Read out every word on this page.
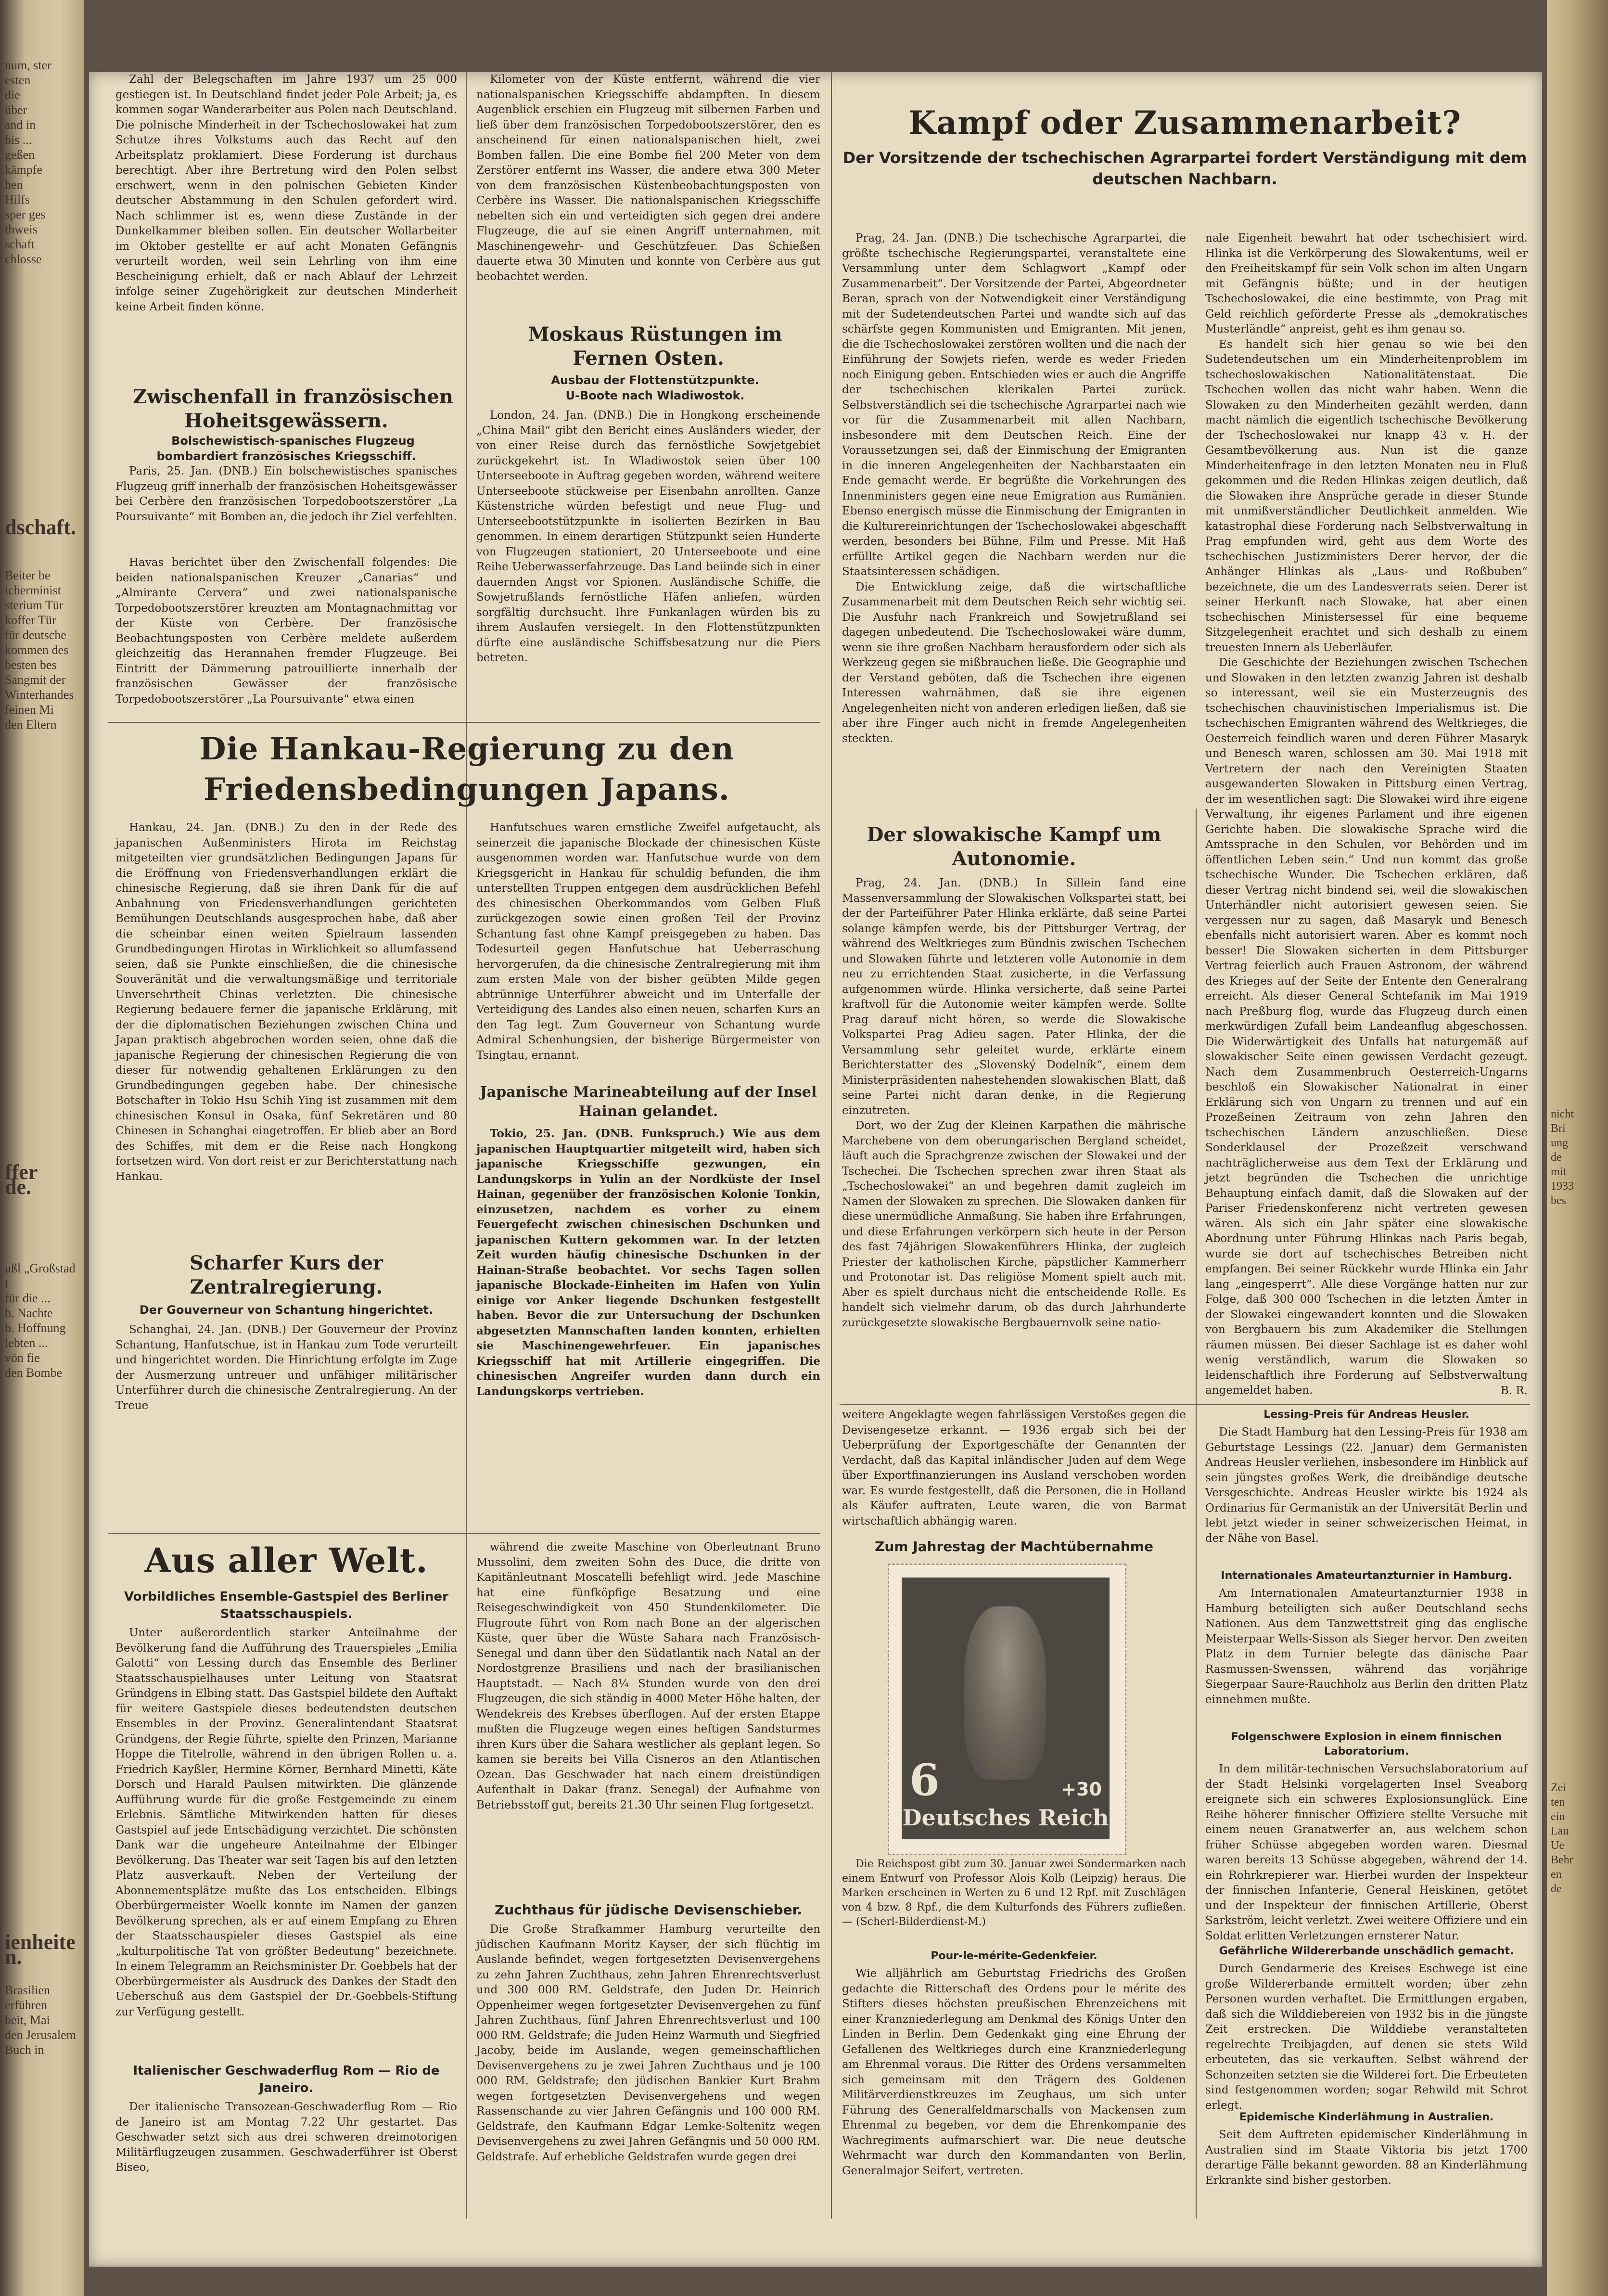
num, ster
esten
die
über
and in
bis ...
geßen
kämpfe
hen
Hilfs
sper ges
thweis
schaft
chlosse
dschaft.
Beiter be
icherminist
sterium Tür
koffer Tür
für deutsche
kommen des
besten bes
Sangmit der
Winterhandes
feinen Mi
den Eltern
ffer
de.
ußl „Großstadt
für die ...
b. Nachte
b. Hoffnung
lebten ...
vön fie
den Bombe
ienheiten.
Brasilien
erführen
beit, Mai
den Jerusalem
Buch in
nicht
Bri
ung
de
mit
1933
bes
Zei
ten
ein
Lau
Ue
Behr
en
de

Zahl der Belegschaften im Jahre 1937 um 25 000 gestiegen ist. In Deutschland findet jeder Pole Arbeit; ja, es kommen sogar Wanderarbeiter aus Polen nach Deutschland. Die polnische Minderheit in der Tschechoslowakei hat zum Schutze ihres Volkstums auch das Recht auf den Arbeitsplatz proklamiert. Diese Forderung ist durchaus berechtigt. Aber ihre Bertretung wird den Polen selbst erschwert, wenn in den polnischen Gebieten Kinder deutscher Abstammung in den Schulen gefordert wird. Nach schlimmer ist es, wenn diese Zustände in der Dunkelkammer bleiben sollen. Ein deutscher Wollarbeiter im Oktober gestellte er auf acht Monaten Gefängnis verurteilt worden, weil sein Lehrling von ihm eine Bescheinigung erhielt, daß er nach Ablauf der Lehrzeit infolge seiner Zugehörigkeit zur deutschen Minderheit keine Arbeit finden könne.

Zwischenfall in französischen Hoheitsgewässern.

Bolschewistisch-spanisches Flugzeug bombardiert französisches Kriegsschiff.

Paris, 25. Jan. (DNB.) Ein bolschewistisches spanisches Flugzeug griff innerhalb der französischen Hoheitsgewässer bei Cerbère den französischen Torpedobootszerstörer „La Poursuivante“ mit Bomben an, die jedoch ihr Ziel verfehlten.

Havas berichtet über den Zwischenfall folgendes: Die beiden nationalspanischen Kreuzer „Canarias“ und „Almirante Cervera“ und zwei nationalspanische Torpedobootszerstörer kreuzten am Montagnachmittag vor der Küste von Cerbère. Der französische Beobachtungsposten von Cerbère meldete außerdem gleichzeitig das Herannahen fremder Flugzeuge. Bei Eintritt der Dämmerung patrouillierte innerhalb der französischen Gewässer der französische Torpedobootszerstörer „La Poursuivante“ etwa einen

Kilometer von der Küste entfernt, während die vier nationalspanischen Kriegsschiffe abdampften. In diesem Augenblick erschien ein Flugzeug mit silbernen Farben und ließ über dem französischen Torpedobootszerstörer, den es anscheinend für einen nationalspanischen hielt, zwei Bomben fallen. Die eine Bombe fiel 200 Meter von dem Zerstörer entfernt ins Wasser, die andere etwa 300 Meter von dem französischen Küstenbeobachtungsposten von Cerbère ins Wasser. Die nationalspanischen Kriegsschiffe nebelten sich ein und verteidigten sich gegen drei andere Flugzeuge, die auf sie einen Angriff unternahmen, mit Maschinengewehr- und Geschützfeuer. Das Schießen dauerte etwa 30 Minuten und konnte von Cerbère aus gut beobachtet werden.

Moskaus Rüstungen im Fernen Osten.

Ausbau der Flottenstützpunkte.

U-Boote nach Wladiwostok.

London, 24. Jan. (DNB.) Die in Hongkong erscheinende „China Mail“ gibt den Bericht eines Ausländers wieder, der von einer Reise durch das fernöstliche Sowjetgebiet zurückgekehrt ist. In Wladiwostok seien über 100 Unterseeboote in Auftrag gegeben worden, während weitere Unterseeboote stückweise per Eisenbahn anrollten. Ganze Küstenstriche würden befestigt und neue Flug- und Unterseebootstützpunkte in isolierten Bezirken in Bau genommen. In einem derartigen Stützpunkt seien Hunderte von Flugzeugen stationiert, 20 Unterseeboote und eine Reihe Ueberwasserfahrzeuge. Das Land beiinde sich in einer dauernden Angst vor Spionen. Ausländische Schiffe, die Sowjetrußlands fernöstliche Häfen anliefen, würden sorgfältig durchsucht. Ihre Funkanlagen würden bis zu ihrem Auslaufen versiegelt. In den Flottenstützpunkten dürfte eine ausländische Schiffsbesatzung nur die Piers betreten.

Die Hankau-Regierung zu den Friedensbedingungen Japans.

Hankau, 24. Jan. (DNB.) Zu den in der Rede des japanischen Außenministers Hirota im Reichstag mitgeteilten vier grundsätzlichen Bedingungen Japans für die Eröffnung von Friedensverhandlungen erklärt die chinesische Regierung, daß sie ihren Dank für die auf Anbahnung von Friedensverhandlungen gerichteten Bemühungen Deutschlands ausgesprochen habe, daß aber die scheinbar einen weiten Spielraum lassenden Grundbedingungen Hirotas in Wirklichkeit so allumfassend seien, daß sie Punkte einschließen, die die chinesische Souveränität und die verwaltungsmäßige und territoriale Unversehrtheit Chinas verletzten. Die chinesische Regierung bedauere ferner die japanische Erklärung, mit der die diplomatischen Beziehungen zwischen China und Japan praktisch abgebrochen worden seien, ohne daß die japanische Regierung der chinesischen Regierung die von dieser für notwendig gehaltenen Erklärungen zu den Grundbedingungen gegeben habe. Der chinesische Botschafter in Tokio Hsu Schih Ying ist zusammen mit dem chinesischen Konsul in Osaka, fünf Sekretären und 80 Chinesen in Schanghai eingetroffen. Er blieb aber an Bord des Schiffes, mit dem er die Reise nach Hongkong fortsetzen wird. Von dort reist er zur Berichterstattung nach Hankau.

Hanfutschues waren ernstliche Zweifel aufgetaucht, als seinerzeit die japanische Blockade der chinesischen Küste ausgenommen worden war. Hanfutschue wurde von dem Kriegsgericht in Hankau für schuldig befunden, die ihm unterstellten Truppen entgegen dem ausdrücklichen Befehl des chinesischen Oberkommandos vom Gelben Fluß zurückgezogen sowie einen großen Teil der Provinz Schantung fast ohne Kampf preisgegeben zu haben. Das Todesurteil gegen Hanfutschue hat Ueberraschung hervorgerufen, da die chinesische Zentralregierung mit ihm zum ersten Male von der bisher geübten Milde gegen abtrünnige Unterführer abweicht und im Unterfalle der Verteidigung des Landes also einen neuen, scharfen Kurs an den Tag legt. Zum Gouverneur von Schantung wurde Admiral Schenhungsien, der bisherige Bürgermeister von Tsingtau, ernannt.

Scharfer Kurs der Zentralregierung.

Der Gouverneur von Schantung hingerichtet.

Schanghai, 24. Jan. (DNB.) Der Gouverneur der Provinz Schantung, Hanfutschue, ist in Hankau zum Tode verurteilt und hingerichtet worden. Die Hinrichtung erfolgte im Zuge der Ausmerzung untreuer und unfähiger militärischer Unterführer durch die chinesische Zentralregierung. An der Treue

Japanische Marineabteilung auf der Insel Hainan gelandet.

Tokio, 25. Jan. (DNB. Funkspruch.) Wie aus dem japanischen Hauptquartier mitgeteilt wird, haben sich japanische Kriegsschiffe gezwungen, ein Landungskorps in Yulin an der Nordküste der Insel Hainan, gegenüber der französischen Kolonie Tonkin, einzusetzen, nachdem es vorher zu einem Feuergefecht zwischen chinesischen Dschunken und japanischen Kuttern gekommen war. In der letzten Zeit wurden häufig chinesische Dschunken in der Hainan-Straße beobachtet. Vor sechs Tagen sollen japanische Blockade-Einheiten im Hafen von Yulin einige vor Anker liegende Dschunken festgestellt haben. Bevor die zur Untersuchung der Dschunken abgesetzten Mannschaften landen konnten, erhielten sie Maschinengewehrfeuer. Ein japanisches Kriegsschiff hat mit Artillerie eingegriffen. Die chinesischen Angreifer wurden dann durch ein Landungskorps vertrieben.

Aus aller Welt.

Vorbildliches Ensemble-Gastspiel des Berliner Staatsschauspiels.

Unter außerordentlich starker Anteilnahme der Bevölkerung fand die Aufführung des Trauerspieles „Emilia Galotti“ von Lessing durch das Ensemble des Berliner Staatsschauspielhauses unter Leitung von Staatsrat Gründgens in Elbing statt. Das Gastspiel bildete den Auftakt für weitere Gastspiele dieses bedeutendsten deutschen Ensembles in der Provinz. Generalintendant Staatsrat Gründgens, der Regie führte, spielte den Prinzen, Marianne Hoppe die Titelrolle, während in den übrigen Rollen u. a. Friedrich Kayßler, Hermine Körner, Bernhard Minetti, Käte Dorsch und Harald Paulsen mitwirkten. Die glänzende Aufführung wurde für die große Festgemeinde zu einem Erlebnis. Sämtliche Mitwirkenden hatten für dieses Gastspiel auf jede Entschädigung verzichtet. Die schönsten Dank war die ungeheure Anteilnahme der Elbinger Bevölkerung. Das Theater war seit Tagen bis auf den letzten Platz ausverkauft. Neben der Verteilung der Abonnementsplätze mußte das Los entscheiden. Elbings Oberbürgermeister Woelk konnte im Namen der ganzen Bevölkerung sprechen, als er auf einem Empfang zu Ehren der Staatsschauspieler dieses Gastspiel als eine „kulturpolitische Tat von größter Bedeutung“ bezeichnete. In einem Telegramm an Reichsminister Dr. Goebbels hat der Oberbürgermeister als Ausdruck des Dankes der Stadt den Ueberschuß aus dem Gastspiel der Dr.-Goebbels-Stiftung zur Verfügung gestellt.

Italienischer Geschwaderflug Rom — Rio de Janeiro.

Der italienische Transozean-Geschwaderflug Rom — Rio de Janeiro ist am Montag 7.22 Uhr gestartet. Das Geschwader setzt sich aus drei schweren dreimotorigen Militärflugzeugen zusammen. Geschwaderführer ist Oberst Biseo,

während die zweite Maschine von Oberleutnant Bruno Mussolini, dem zweiten Sohn des Duce, die dritte von Kapitänleutnant Moscatelli befehligt wird. Jede Maschine hat eine fünfköpfige Besatzung und eine Reisegeschwindigkeit von 450 Stundenkilometer. Die Flugroute führt von Rom nach Bone an der algerischen Küste, quer über die Wüste Sahara nach Französisch-Senegal und dann über den Südatlantik nach Natal an der Nordostgrenze Brasiliens und nach der brasilianischen Hauptstadt. — Nach 8¼ Stunden wurde von den drei Flugzeugen, die sich ständig in 4000 Meter Höhe halten, der Wendekreis des Krebses überflogen. Auf der ersten Etappe mußten die Flugzeuge wegen eines heftigen Sandsturmes ihren Kurs über die Sahara westlicher als geplant legen. So kamen sie bereits bei Villa Cisneros an den Atlantischen Ozean. Das Geschwader hat nach einem dreistündigen Aufenthalt in Dakar (franz. Senegal) der Aufnahme von Betriebsstoff gut, bereits 21.30 Uhr seinen Flug fortgesetzt.

Zuchthaus für jüdische Devisenschieber.

Die Große Strafkammer Hamburg verurteilte den jüdischen Kaufmann Moritz Kayser, der sich flüchtig im Auslande befindet, wegen fortgesetzten Devisenvergehens zu zehn Jahren Zuchthaus, zehn Jahren Ehrenrechtsverlust und 300 000 RM. Geldstrafe, den Juden Dr. Heinrich Oppenheimer wegen fortgesetzter Devisenvergehen zu fünf Jahren Zuchthaus, fünf Jahren Ehrenrechtsverlust und 100 000 RM. Geldstrafe; die Juden Heinz Warmuth und Siegfried Jacoby, beide im Auslande, wegen gemeinschaftlichen Devisenvergehens zu je zwei Jahren Zuchthaus und je 100 000 RM. Geldstrafe; den jüdischen Bankier Kurt Brahm wegen fortgesetzten Devisenvergehens und wegen Rassenschande zu vier Jahren Gefängnis und 100 000 RM. Geldstrafe, den Kaufmann Edgar Lemke-Soltenitz wegen Devisenvergehens zu zwei Jahren Gefängnis und 50 000 RM. Geldstrafe. Auf erhebliche Geldstrafen wurde gegen drei

Kampf oder Zusammenarbeit?

Der Vorsitzende der tschechischen Agrarpartei fordert Verständigung mit dem deutschen Nachbarn.

Prag, 24. Jan. (DNB.) Die tschechische Agrarpartei, die größte tschechische Regierungspartei, veranstaltete eine Versammlung unter dem Schlagwort „Kampf oder Zusammenarbeit“. Der Vorsitzende der Partei, Abgeordneter Beran, sprach von der Notwendigkeit einer Verständigung mit der Sudetendeutschen Partei und wandte sich auf das schärfste gegen Kommunisten und Emigranten. Mit jenen, die die Tschechoslowakei zerstören wollten und die nach der Einführung der Sowjets riefen, werde es weder Frieden noch Einigung geben. Entschieden wies er auch die Angriffe der tschechischen klerikalen Partei zurück. Selbstverständlich sei die tschechische Agrarpartei nach wie vor für die Zusammenarbeit mit allen Nachbarn, insbesondere mit dem Deutschen Reich. Eine der Voraussetzungen sei, daß der Einmischung der Emigranten in die inneren Angelegenheiten der Nachbarstaaten ein Ende gemacht werde. Er begrüßte die Vorkehrungen des Innenministers gegen eine neue Emigration aus Rumänien. Ebenso energisch müsse die Einmischung der Emigranten in die Kulturereinrichtungen der Tschechoslowakei abgeschafft werden, besonders bei Bühne, Film und Presse. Mit Haß erfüllte Artikel gegen die Nachbarn werden nur die Staatsinteressen schädigen.

Die Entwicklung zeige, daß die wirtschaftliche Zusammenarbeit mit dem Deutschen Reich sehr wichtig sei. Die Ausfuhr nach Frankreich und Sowjetrußland sei dagegen unbedeutend. Die Tschechoslowakei wäre dumm, wenn sie ihre großen Nachbarn herausfordern oder sich als Werkzeug gegen sie mißbrauchen ließe. Die Geographie und der Verstand geböten, daß die Tschechen ihre eigenen Interessen wahrnähmen, daß sie ihre eigenen Angelegenheiten nicht von anderen erledigen ließen, daß sie aber ihre Finger auch nicht in fremde Angelegenheiten steckten.

Der slowakische Kampf um Autonomie.

Prag, 24. Jan. (DNB.) In Sillein fand eine Massenversammlung der Slowakischen Volkspartei statt, bei der der Parteiführer Pater Hlinka erklärte, daß seine Partei solange kämpfen werde, bis der Pittsburger Vertrag, der während des Weltkrieges zum Bündnis zwischen Tschechen und Slowaken führte und letzteren volle Autonomie in dem neu zu errichtenden Staat zusicherte, in die Verfassung aufgenommen würde. Hlinka versicherte, daß seine Partei kraftvoll für die Autonomie weiter kämpfen werde. Sollte Prag darauf nicht hören, so werde die Slowakische Volkspartei Prag Adieu sagen. Pater Hlinka, der die Versammlung sehr geleitet wurde, erklärte einem Berichterstatter des „Slovenský Dodelník“, einem dem Ministerpräsidenten nahestehenden slowakischen Blatt, daß seine Partei nicht daran denke, in die Regierung einzutreten.

Dort, wo der Zug der Kleinen Karpathen die mährische Marchebene von dem oberungarischen Bergland scheidet, läuft auch die Sprachgrenze zwischen der Slowakei und der Tschechei. Die Tschechen sprechen zwar ihren Staat als „Tschechoslowakei“ an und begehren damit zugleich im Namen der Slowaken zu sprechen. Die Slowaken danken für diese unermüdliche Anmaßung. Sie haben ihre Erfahrungen, und diese Erfahrungen verkörpern sich heute in der Person des fast 74jährigen Slowakenführers Hlinka, der zugleich Priester der katholischen Kirche, päpstlicher Kammerherr und Protonotar ist. Das religiöse Moment spielt auch mit. Aber es spielt durchaus nicht die entscheidende Rolle. Es handelt sich vielmehr darum, ob das durch Jahrhunderte zurückgesetzte slowakische Bergbauernvolk seine natio-

weitere Angeklagte wegen fahrlässigen Verstoßes gegen die Devisengesetze erkannt. — 1936 ergab sich bei der Ueberprüfung der Exportgeschäfte der Genannten der Verdacht, daß das Kapital inländischer Juden auf dem Wege über Exportfinanzierungen ins Ausland verschoben worden war. Es wurde festgestellt, daß die Personen, die in Holland als Käufer auftraten, Leute waren, die von Barmat wirtschaftlich abhängig waren.

Zum Jahrestag der Machtübernahme

6	+30
Deutsches Reich

Die Reichspost gibt zum 30. Januar zwei Sondermarken nach einem Entwurf von Professor Alois Kolb (Leipzig) heraus. Die Marken erscheinen in Werten zu 6 und 12 Rpf. mit Zuschlägen von 4 bzw. 8 Rpf., die dem Kulturfonds des Führers zufließen. — (Scherl-Bilderdienst-M.)

Pour-le-mérite-Gedenkfeier.

Wie alljährlich am Geburtstag Friedrichs des Großen gedachte die Ritterschaft des Ordens pour le mérite des Stifters dieses höchsten preußischen Ehrenzeichens mit einer Kranzniederlegung am Denkmal des Königs Unter den Linden in Berlin. Dem Gedenkakt ging eine Ehrung der Gefallenen des Weltkrieges durch eine Kranzniederlegung am Ehrenmal voraus. Die Ritter des Ordens versammelten sich gemeinsam mit den Trägern des Goldenen Militärverdienstkreuzes im Zeughaus, um sich unter Führung des Generalfeldmarschalls von Mackensen zum Ehrenmal zu begeben, vor dem die Ehrenkompanie des Wachregiments aufmarschiert war. Die neue deutsche Wehrmacht war durch den Kommandanten von Berlin, Generalmajor Seifert, vertreten.

nale Eigenheit bewahrt hat oder tschechisiert wird. Hlinka ist die Verkörperung des Slowakentums, weil er den Freiheitskampf für sein Volk schon im alten Ungarn mit Gefängnis büßte; und in der heutigen Tschechoslowakei, die eine bestimmte, von Prag mit Geld reichlich geförderte Presse als „demokratisches Musterländle“ anpreist, geht es ihm genau so.

Es handelt sich hier genau so wie bei den Sudetendeutschen um ein Minderheitenproblem im tschechoslowakischen Nationalitätenstaat. Die Tschechen wollen das nicht wahr haben. Wenn die Slowaken zu den Minderheiten gezählt werden, dann macht nämlich die eigentlich tschechische Bevölkerung der Tschechoslowakei nur knapp 43 v. H. der Gesamtbevölkerung aus. Nun ist die ganze Minderheitenfrage in den letzten Monaten neu in Fluß gekommen und die Reden Hlinkas zeigen deutlich, daß die Slowaken ihre Ansprüche gerade in dieser Stunde mit unmißverständlicher Deutlichkeit anmelden. Wie katastrophal diese Forderung nach Selbstverwaltung in Prag empfunden wird, geht aus dem Worte des tschechischen Justizministers Derer hervor, der die Anhänger Hlinkas als „Laus- und Roßbuben“ bezeichnete, die um des Landesverrats seien. Derer ist seiner Herkunft nach Slowake, hat aber einen tschechischen Ministersessel für eine bequeme Sitzgelegenheit erachtet und sich deshalb zu einem treuesten Innern als Ueberläufer.

Die Geschichte der Beziehungen zwischen Tschechen und Slowaken in den letzten zwanzig Jahren ist deshalb so interessant, weil sie ein Musterzeugnis des tschechischen chauvinistischen Imperialismus ist. Die tschechischen Emigranten während des Weltkrieges, die Oesterreich feindlich waren und deren Führer Masaryk und Benesch waren, schlossen am 30. Mai 1918 mit Vertretern der nach den Vereinigten Staaten ausgewanderten Slowaken in Pittsburg einen Vertrag, der im wesentlichen sagt: Die Slowakei wird ihre eigene Verwaltung, ihr eigenes Parlament und ihre eigenen Gerichte haben. Die slowakische Sprache wird die Amtssprache in den Schulen, vor Behörden und im öffentlichen Leben sein.“ Und nun kommt das große tschechische Wunder. Die Tschechen erklären, daß dieser Vertrag nicht bindend sei, weil die slowakischen Unterhändler nicht autorisiert gewesen seien. Sie vergessen nur zu sagen, daß Masaryk und Benesch ebenfalls nicht autorisiert waren. Aber es kommt noch besser! Die Slowaken sicherten in dem Pittsburger Vertrag feierlich auch Frauen Astronom, der während des Krieges auf der Seite der Entente den Generalrang erreicht. Als dieser General Schtefanik im Mai 1919 nach Preßburg flog, wurde das Flugzeug durch einen merkwürdigen Zufall beim Landeanflug abgeschossen. Die Widerwärtigkeit des Unfalls hat naturgemäß auf slowakischer Seite einen gewissen Verdacht gezeugt. Nach dem Zusammenbruch Oesterreich-Ungarns beschloß ein Slowakischer Nationalrat in einer Erklärung sich von Ungarn zu trennen und auf ein Prozeßeinen Zeitraum von zehn Jahren den tschechischen Ländern anzuschließen. Diese Sonderklausel der Prozeßzeit verschwand nachträglicherweise aus dem Text der Erklärung und jetzt begründen die Tschechen die unrichtige Behauptung einfach damit, daß die Slowaken auf der Pariser Friedenskonferenz nicht vertreten gewesen wären. Als sich ein Jahr später eine slowakische Abordnung unter Führung Hlinkas nach Paris begab, wurde sie dort auf tschechisches Betreiben nicht empfangen. Bei seiner Rückkehr wurde Hlinka ein Jahr lang „eingesperrt“. Alle diese Vorgänge hatten nur zur Folge, daß 300 000 Tschechen in die letzten Ämter in der Slowakei eingewandert konnten und die Slowaken von Bergbauern bis zum Akademiker die Stellungen räumen müssen. Bei dieser Sachlage ist es daher wohl wenig verständlich, warum die Slowaken so leidenschaftlich ihre Forderung auf Selbstverwaltung angemeldet haben.	B. R.

Lessing-Preis für Andreas Heusler.

Die Stadt Hamburg hat den Lessing-Preis für 1938 am Geburtstage Lessings (22. Januar) dem Germanisten Andreas Heusler verliehen, insbesondere im Hinblick auf sein jüngstes großes Werk, die dreibändige deutsche Versgeschichte. Andreas Heusler wirkte bis 1924 als Ordinarius für Germanistik an der Universität Berlin und lebt jetzt wieder in seiner schweizerischen Heimat, in der Nähe von Basel.

Internationales Amateurtanzturnier in Hamburg.

Am Internationalen Amateurtanzturnier 1938 in Hamburg beteiligten sich außer Deutschland sechs Nationen. Aus dem Tanzwettstreit ging das englische Meisterpaar Wells-Sisson als Sieger hervor. Den zweiten Platz in dem Turnier belegte das dänische Paar Rasmussen-Swenssen, während das vorjährige Siegerpaar Saure-Rauchholz aus Berlin den dritten Platz einnehmen mußte.

Folgenschwere Explosion in einem finnischen Laboratorium.

In dem militär-technischen Versuchslaboratorium auf der Stadt Helsinki vorgelagerten Insel Sveaborg ereignete sich ein schweres Explosionsunglück. Eine Reihe höherer finnischer Offiziere stellte Versuche mit einem neuen Granatwerfer an, aus welchem schon früher Schüsse abgegeben worden waren. Diesmal waren bereits 13 Schüsse abgegeben, während der 14. ein Rohrkrepierer war. Hierbei wurden der Inspekteur der finnischen Infanterie, General Heiskinen, getötet und der Inspekteur der finnischen Artillerie, Oberst Sarkström, leicht verletzt. Zwei weitere Offiziere und ein Soldat erlitten Verletzungen ernsterer Natur.

Gefährliche Wildererbande unschädlich gemacht.

Durch Gendarmerie des Kreises Eschwege ist eine große Wildererbande ermittelt worden; über zehn Personen wurden verhaftet. Die Ermittlungen ergaben, daß sich die Wilddiebereien von 1932 bis in die jüngste Zeit erstrecken. Die Wilddiebe veranstalteten regelrechte Treibjagden, auf denen sie stets Wild erbeuteten, das sie verkauften. Selbst während der Schonzeiten setzten sie die Wilderei fort. Die Erbeuteten sind festgenommen worden; sogar Rehwild mit Schrot erlegt.

Epidemische Kinderlähmung in Australien.

Seit dem Auftreten epidemischer Kinderlähmung in Australien sind im Staate Viktoria bis jetzt 1700 derartige Fälle bekannt geworden. 88 an Kinderlähmung Erkrankte sind bisher gestorben.
